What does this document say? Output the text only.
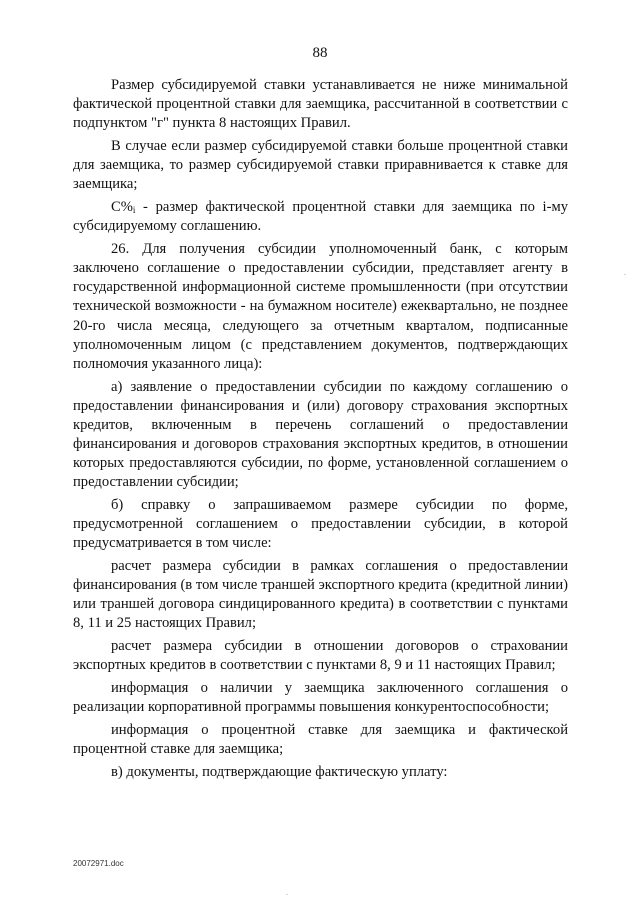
88

Размер субсидируемой ставки устанавливается не ниже минимальной фактической процентной ставки для заемщика, рассчитанной в соответствии с подпунктом "г" пункта 8 настоящих Правил.

В случае если размер субсидируемой ставки больше процентной ставки для заемщика, то размер субсидируемой ставки приравнивается к ставке для заемщика;

$С\%_i$ - размер фактической процентной ставки для заемщика по i-му субсидируемому соглашению.

26. Для получения субсидии уполномоченный банк, с которым заключено соглашение о предоставлении субсидии, представляет агенту в государственной информационной системе промышленности (при отсутствии технической возможности - на бумажном носителе) ежеквартально, не позднее 20-го числа месяца, следующего за отчетным кварталом, подписанные уполномоченным лицом (с представлением документов, подтверждающих полномочия указанного лица):

а) заявление о предоставлении субсидии по каждому соглашению о предоставлении финансирования и (или) договору страхования экспортных кредитов, включенным в перечень соглашений о предоставлении финансирования и договоров страхования экспортных кредитов, в отношении которых предоставляются субсидии, по форме, установленной соглашением о предоставлении субсидии;

б) справку о запрашиваемом размере субсидии по форме, предусмотренной соглашением о предоставлении субсидии, в которой предусматривается в том числе:

расчет размера субсидии в рамках соглашения о предоставлении финансирования (в том числе траншей экспортного кредита (кредитной линии) или траншей договора синдицированного кредита) в соответствии с пунктами 8, 11 и 25 настоящих Правил;

расчет размера субсидии в отношении договоров о страховании экспортных кредитов в соответствии с пунктами 8, 9 и 11 настоящих Правил;

информация о наличии у заемщика заключенного соглашения о реализации корпоративной программы повышения конкурентоспособности;

информация о процентной ставке для заемщика и фактической процентной ставке для заемщика;

в) документы, подтверждающие фактическую уплату:

20072971.doc
.
.
